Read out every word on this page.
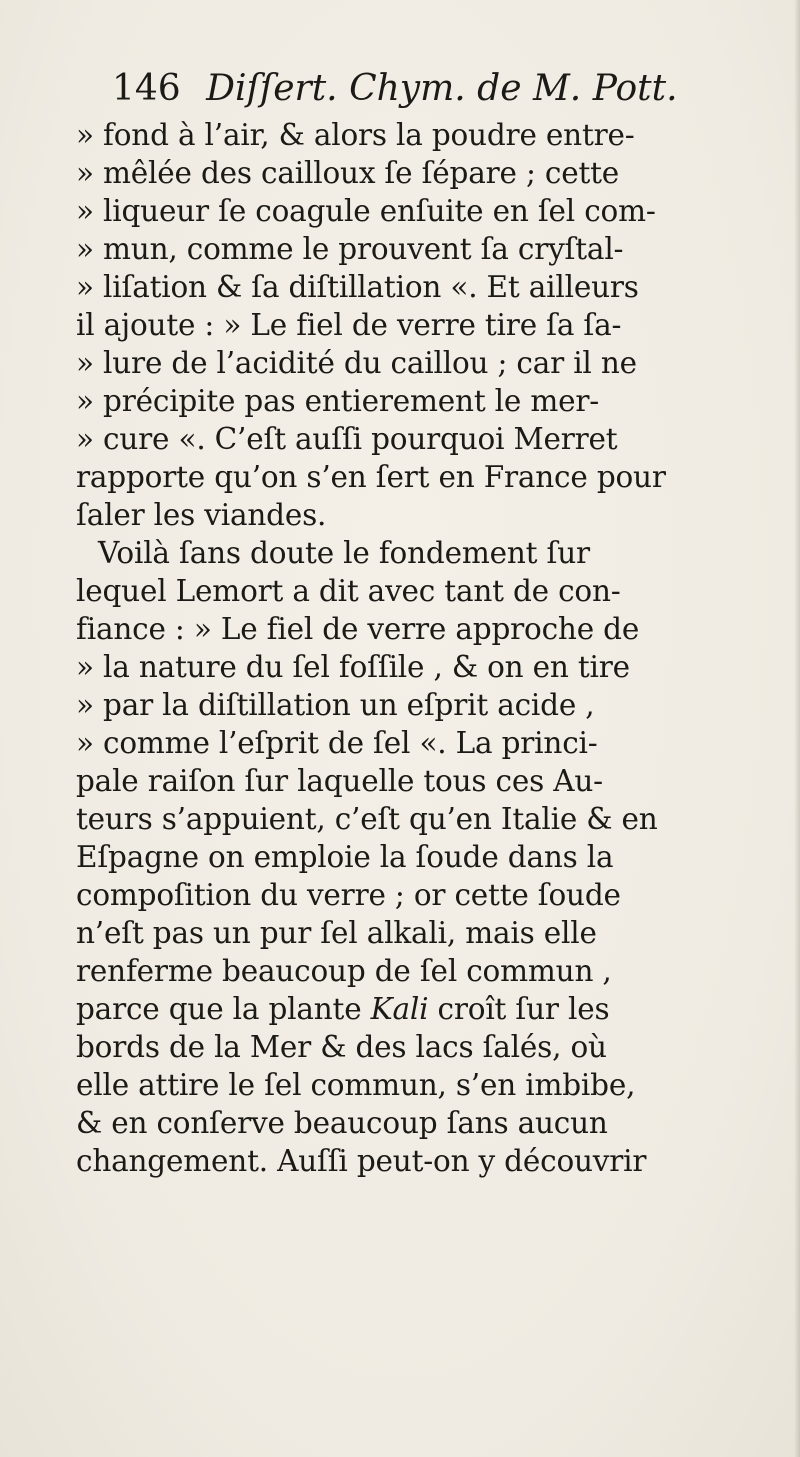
146 Diſſert. Chym. de M. Pott.
» fond à l’air, & alors la poudre entre-
» mêlée des cailloux ſe ſépare ; cette
» liqueur ſe coagule enſuite en ſel com-
» mun, comme le prouvent ſa cryſtal-
» liſation & ſa diſtillation «. Et ailleurs
il ajoute : » Le fiel de verre tire ſa ſa-
» lure de l’acidité du caillou ; car il ne
» précipite pas entierement le mer-
» cure «. C’eſt auſſi pourquoi Merret
rapporte qu’on s’en ſert en France pour
ſaler les viandes.
Voilà ſans doute le fondement ſur
lequel Lemort a dit avec tant de con-
fiance : » Le fiel de verre approche de
» la nature du ſel foſſile , & on en tire
» par la diſtillation un eſprit acide ,
» comme l’eſprit de ſel «. La princi-
pale raiſon ſur laquelle tous ces Au-
teurs s’appuient, c’eſt qu’en Italie & en
Eſpagne on emploie la ſoude dans la
compoſition du verre ; or cette ſoude
n’eſt pas un pur ſel alkali, mais elle
renferme beaucoup de ſel commun ,
parce que la plante Kali croît ſur les
bords de la Mer & des lacs ſalés, où
elle attire le ſel commun, s’en imbibe,
& en conſerve beaucoup ſans aucun
changement. Auſſi peut-on y découvrir
